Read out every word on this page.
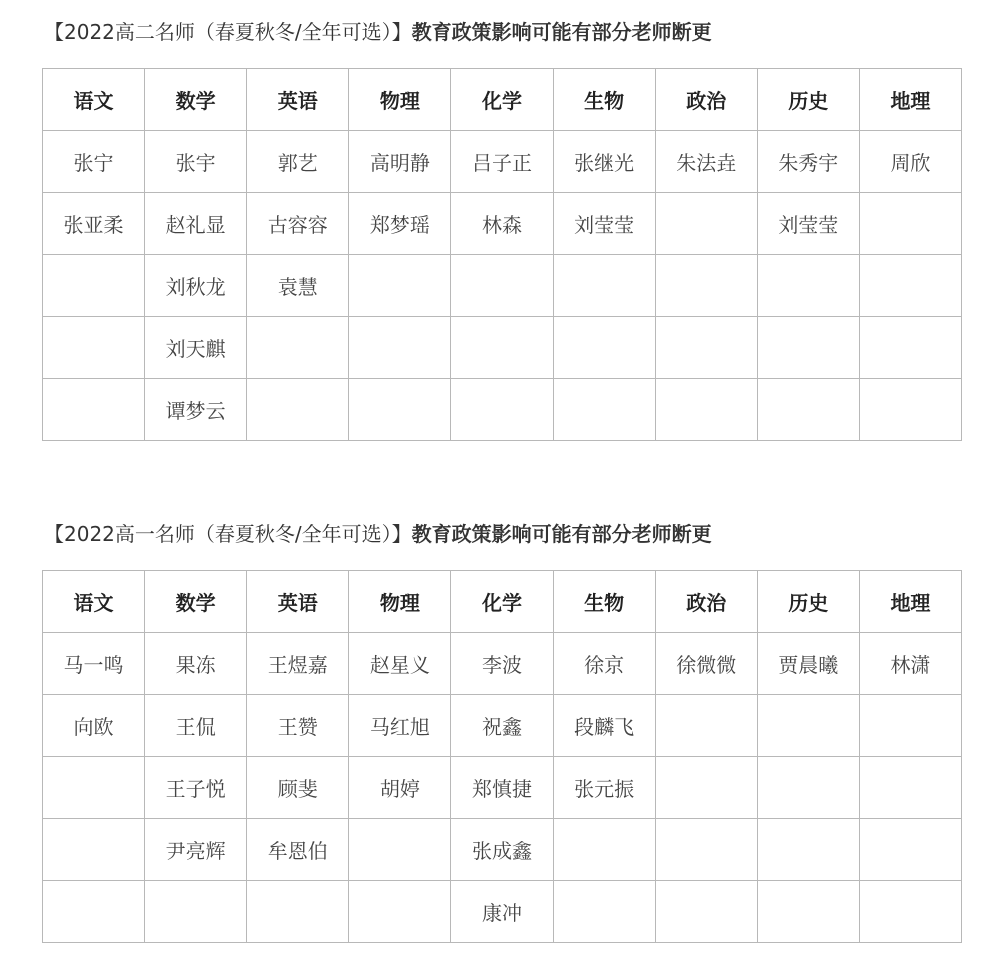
【2022高二名师（春夏秋冬/全年可选）】教育政策影响可能有部分老师断更
语文	数学	英语	物理	化学	生物	政治	历史	地理
张宁	张宇	郭艺	高明静	吕子正	张继光	朱法垚	朱秀宇	周欣
张亚柔	赵礼显	古容容	郑梦瑶	林森	刘莹莹		刘莹莹	
	刘秋龙	袁慧						
	刘天麒							
	谭梦云							
【2022高一名师（春夏秋冬/全年可选）】教育政策影响可能有部分老师断更
语文	数学	英语	物理	化学	生物	政治	历史	地理
马一鸣	果冻	王煜嘉	赵星义	李波	徐京	徐微微	贾晨曦	林潇
向欧	王侃	王赞	马红旭	祝鑫	段麟飞			
	王子悦	顾斐	胡婷	郑慎捷	张元振			
	尹亮辉	牟恩伯		张成鑫				
				康冲				
